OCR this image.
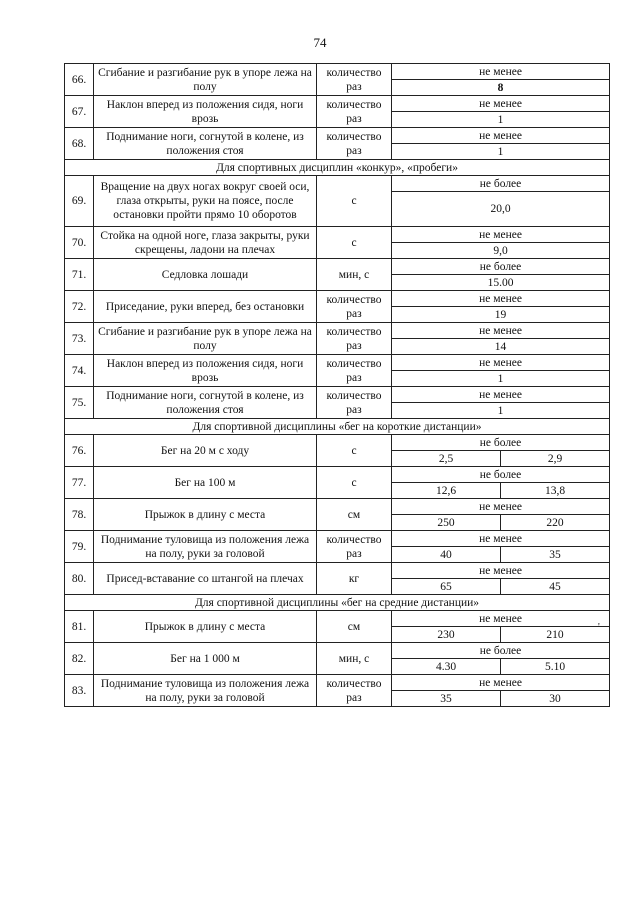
74
66.	Сгибание и разгибание рук в упоре лежа на полу	количество раз	не менее	
			8	
67.	Наклон вперед из положения сидя, ноги врозь	количество раз	не менее	
			1	
68.	Поднимание ноги, согнутой в колене, из положения стоя	количество раз	не менее	
			1	
Для спортивных дисциплин «конкур», «пробеги»				
69.	Вращение на двух ногах вокруг своей оси, глаза открыты, руки на поясе, после остановки пройти прямо 10 оборотов	с	не более	
			20,0	
70.	Стойка на одной ноге, глаза закрыты, руки скрещены, ладони на плечах	с	не менее	
			9,0	
71.	Седловка лошади	мин, с	не более	
			15.00	
72.	Приседание, руки вперед, без остановки	количество раз	не менее	
			19	
73.	Сгибание и разгибание рук в упоре лежа на полу	количество раз	не менее	
			14	
74.	Наклон вперед из положения сидя, ноги врозь	количество раз	не менее	
			1	
75.	Поднимание ноги, согнутой в колене, из положения стоя	количество раз	не менее	
			1	
Для спортивной дисциплины «бег на короткие дистанции»				
76.	Бег на 20 м с ходу	с	не более	
			2,5	2,9
77.	Бег на 100 м	с	не более	
			12,6	13,8
78.	Прыжок в длину с места	см	не менее	
			250	220
79.	Поднимание туловища из положения лежа на полу, руки за головой	количество раз	не менее	
			40	35
80.	Присед-вставание со штангой на плечах	кг	не менее	
			65	45
Для спортивной дисциплины «бег на средние дистанции»				
81.	Прыжок в длину с места	см	не менее	
			230	210
82.	Бег на 1 000 м	мин, с	не более	
			4.30	5.10
83.	Поднимание туловища из положения лежа на полу, руки за головой	количество раз	не менее	
			35	30
'
